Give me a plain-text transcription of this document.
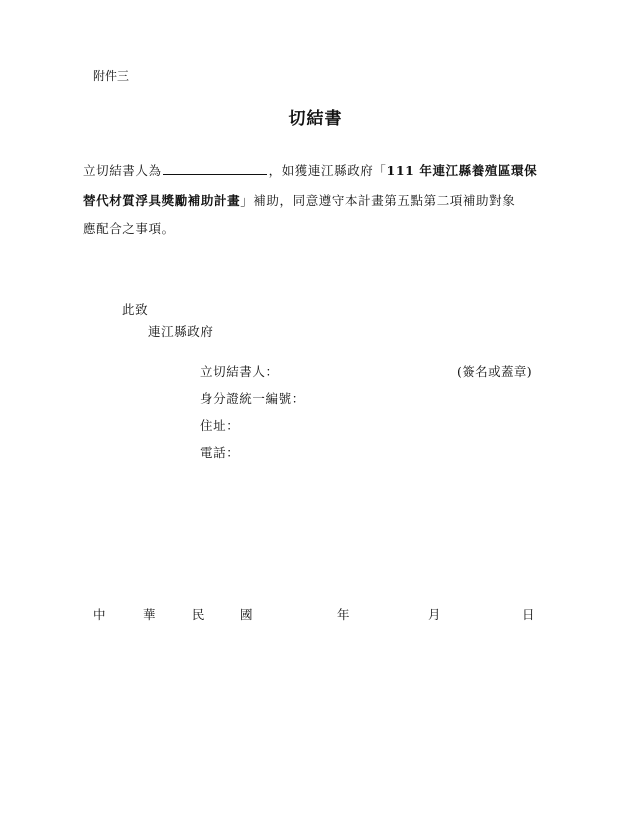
附件三
切結書
立切結書人為	，如獲連江縣政府「111 年連江縣養殖區環保
替代材質浮具獎勵補助計畫」補助，同意遵守本計畫第五點第二項補助對象
應配合之事項。
此致
連江縣政府
立切結書人：	(簽名或蓋章)
身分證統一編號：
住址：
電話：
中	華	民	國	年	月	日
